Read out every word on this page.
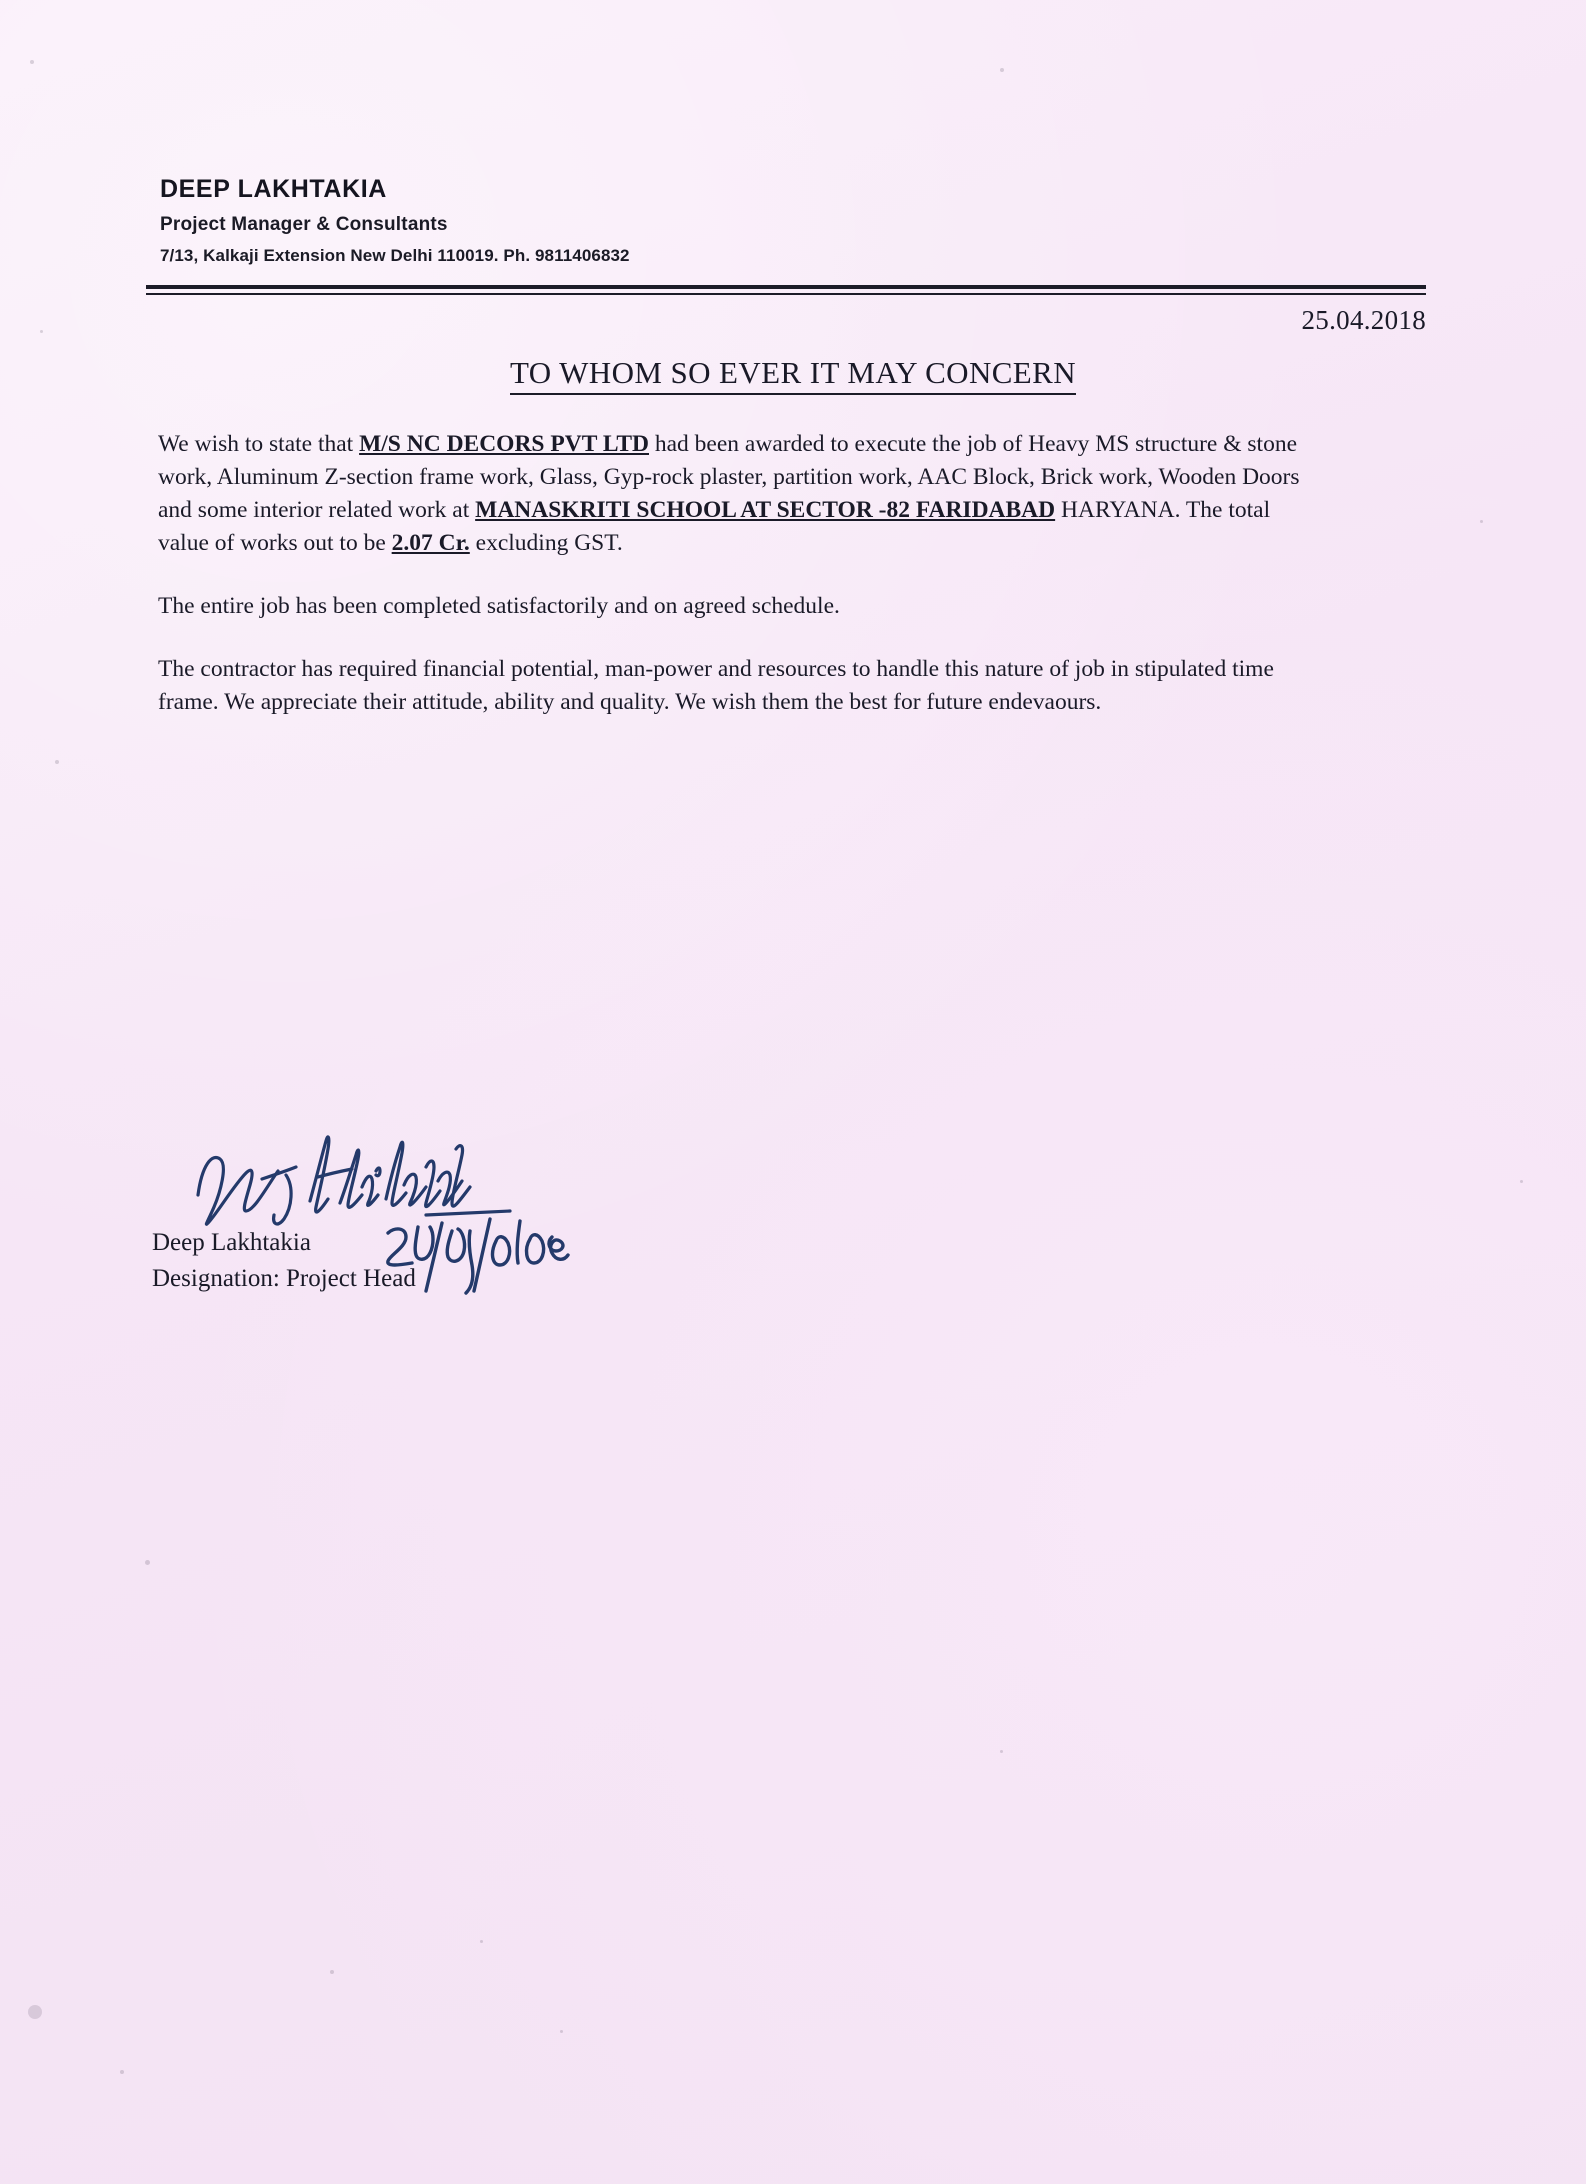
DEEP LAKHTAKIA
Project Manager & Consultants
7/13, Kalkaji Extension New Delhi 110019. Ph. 9811406832
25.04.2018
TO WHOM SO EVER IT MAY CONCERN

We wish to state that M/S NC DECORS PVT LTD had been awarded to execute the job of Heavy MS structure & stone work, Aluminum Z-section frame work, Glass, Gyp-rock plaster, partition work, AAC Block, Brick work, Wooden Doors and some interior related work at MANASKRITI SCHOOL AT SECTOR -82 FARIDABAD HARYANA. The total value of works out to be 2.07 Cr. excluding GST.

The entire job has been completed satisfactorily and on agreed schedule.

The contractor has required financial potential, man-power and resources to handle this nature of job in stipulated time frame. We appreciate their attitude, ability and quality. We wish them the best for future endevaours.

Deep Lakhtakia
Designation: Project Head
